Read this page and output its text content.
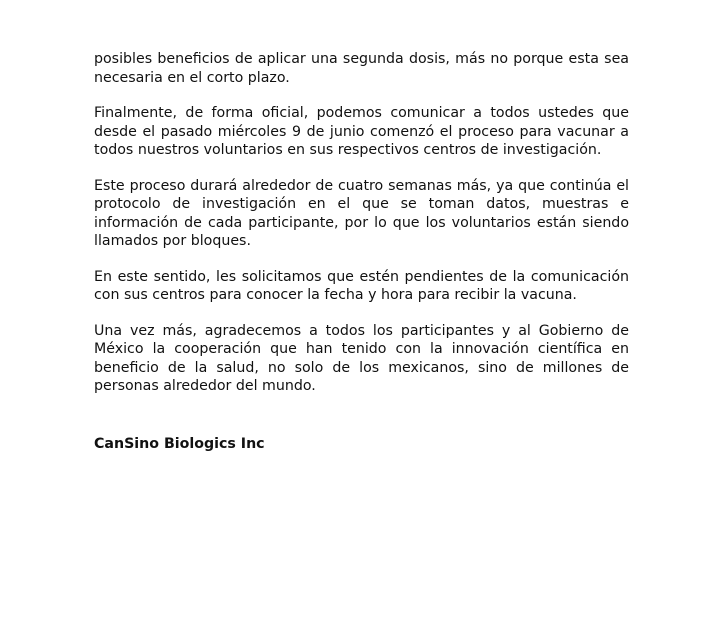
posibles beneficios de aplicar una segunda dosis, más no porque esta sea necesaria en el corto plazo.

Finalmente, de forma oficial, podemos comunicar a todos ustedes que desde el pasado miércoles 9 de junio comenzó el proceso para vacunar a todos nuestros voluntarios en sus respectivos centros de investigación.

Este proceso durará alrededor de cuatro semanas más, ya que continúa el protocolo de investigación en el que se toman datos, muestras e información de cada participante, por lo que los voluntarios están siendo llamados por bloques.

En este sentido, les solicitamos que estén pendientes de la comunicación con sus centros para conocer la fecha y hora para recibir la vacuna.

Una vez más, agradecemos a todos los participantes y al Gobierno de México la cooperación que han tenido con la innovación científica en beneficio de la salud, no solo de los mexicanos, sino de millones de personas alrededor del mundo.

CanSino Biologics Inc
